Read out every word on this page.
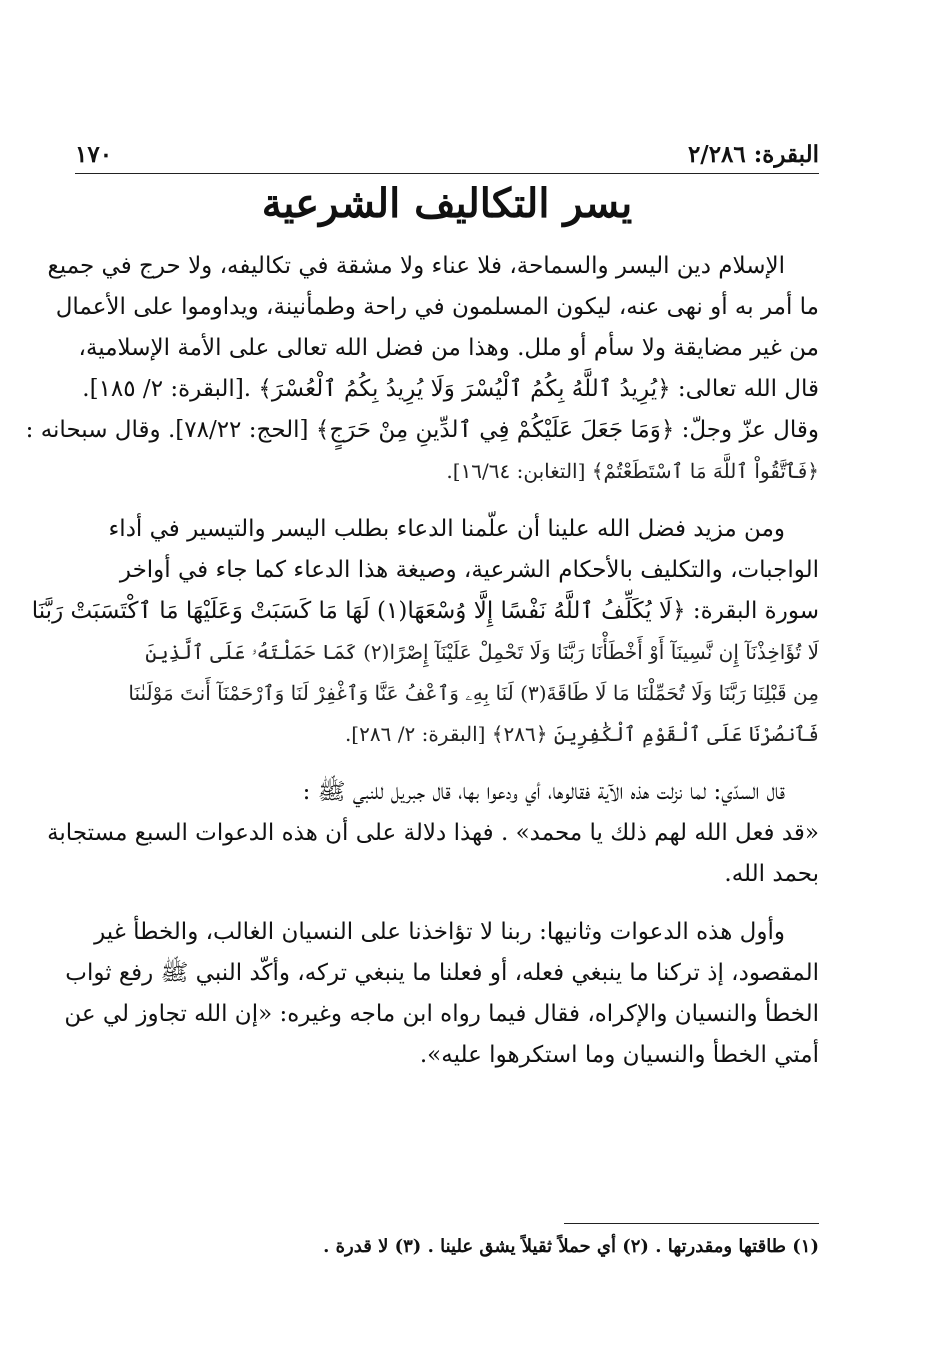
البقرة: ٢/٢٨٦
١٧٠
يسر التكاليف الشرعية
الإسلام دين اليسر والسماحة، فلا عناء ولا مشقة في تكاليفه، ولا حرج في جميع
ما أمر به أو نهى عنه، ليكون المسلمون في راحة وطمأنينة، ويداوموا على الأعمال
من غير مضايقة ولا سأم أو ملل. وهذا من فضل الله تعالى على الأمة الإسلامية،
قال الله تعالى: ﴿يُرِيدُ ٱللَّهُ بِكُمُ ٱلْيُسْرَ وَلَا يُرِيدُ بِكُمُ ٱلْعُسْرَ﴾ .[البقرة: ٢/ ١٨٥].
وقال عزّ وجلّ: ﴿وَمَا جَعَلَ عَلَيْكُمْ فِي ٱلدِّينِ مِنْ حَرَجٍ﴾ [الحج: ٧٨/٢٢]. وقال سبحانه :
﴿فَٱتَّقُواْ ٱللَّهَ مَا ٱسْتَطَعْتُمْ﴾ [التغابن: ١٦/٦٤].
ومن مزيد فضل الله علينا أن علّمنا الدعاء بطلب اليسر والتيسير في أداء
الواجبات، والتكليف بالأحكام الشرعية، وصيغة هذا الدعاء كما جاء في أواخر
سورة البقرة: ﴿لَا يُكَلِّفُ ٱللَّهُ نَفْسًا إِلَّا وُسْعَهَا(١) لَهَا مَا كَسَبَتْ وَعَلَيْهَا مَا ٱكْتَسَبَتْ رَبَّنَا
لَا تُؤَاخِذْنَآ إِن نَّسِينَآ أَوْ أَخْطَأْنَا رَبَّنَا وَلَا تَحْمِلْ عَلَيْنَآ إِصْرًا(٢) كَمَا حَمَلْتَهُۥ عَلَى ٱلَّذِينَ
مِن قَبْلِنَا رَبَّنَا وَلَا تُحَمِّلْنَا مَا لَا طَاقَةَ(٣) لَنَا بِهِۦ وَٱعْفُ عَنَّا وَٱغْفِرْ لَنَا وَٱرْحَمْنَآ أَنتَ مَوْلَىٰنَا
فَٱنصُرْنَا عَلَى ٱلْقَوْمِ ٱلْكَٰفِرِينَ ﴿٢٨٦﴾ [البقرة: ٢/ ٢٨٦].
قال السدّي: لما نزلت هذه الآية فقالوها، أي ودعوا بها، قال جبريل للنبي ﷺ :
«قد فعل الله لهم ذلك يا محمد» . فهذا دلالة على أن هذه الدعوات السبع مستجابة
بحمد الله.
وأول هذه الدعوات وثانيها: ربنا لا تؤاخذنا على النسيان الغالب، والخطأ غير
المقصود، إذ تركنا ما ينبغي فعله، أو فعلنا ما ينبغي تركه، وأكّد النبي ﷺ رفع ثواب
الخطأ والنسيان والإكراه، فقال فيما رواه ابن ماجه وغيره: «إن الله تجاوز لي عن
أمتي الخطأ والنسيان وما استكرهوا عليه».
(١) طاقتها ومقدرتها . (٢) أي حملاً ثقيلاً يشق علينا . (٣) لا قدرة .
